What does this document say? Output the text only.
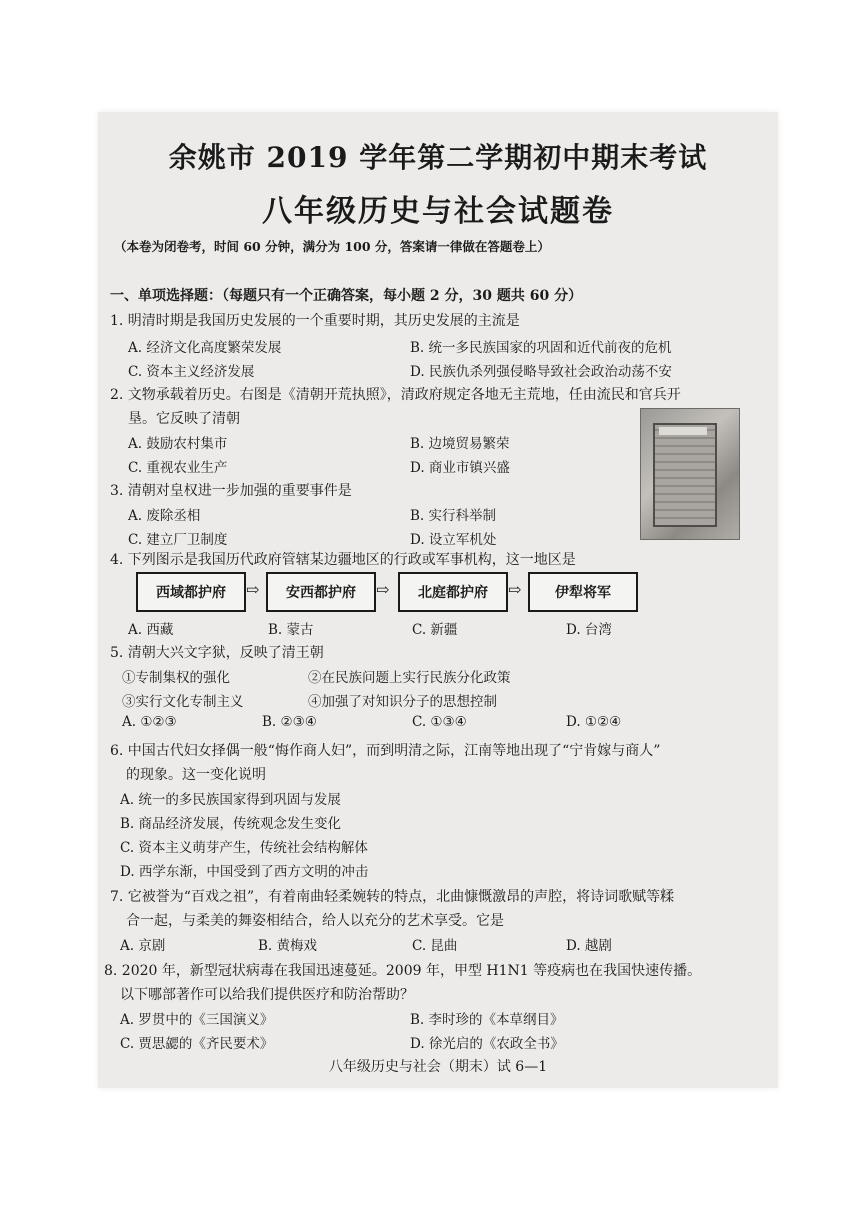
余姚市 2019 学年第二学期初中期末考试
八年级历史与社会试题卷
（本卷为闭卷考，时间 60 分钟，满分为 100 分，答案请一律做在答题卷上）
一、单项选择题：（每题只有一个正确答案，每小题 2 分，30 题共 60 分）
1. 明清时期是我国历史发展的一个重要时期，其历史发展的主流是
A. 经济文化高度繁荣发展	B. 统一多民族国家的巩固和近代前夜的危机
C. 资本主义经济发展	D. 民族仇杀列强侵略导致社会政治动荡不安
2. 文物承载着历史。右图是《清朝开荒执照》，清政府规定各地无主荒地，任由流民和官兵开
垦。它反映了清朝
A. 鼓励农村集市	B. 边境贸易繁荣
C. 重视农业生产	D. 商业市镇兴盛
3. 清朝对皇权进一步加强的重要事件是
A. 废除丞相	B. 实行科举制
C. 建立厂卫制度	D. 设立军机处
4. 下列图示是我国历代政府管辖某边疆地区的行政或军事机构，这一地区是
西域都护府	⇨	安西都护府	⇨	北庭都护府	⇨	伊犁将军
A. 西藏	B. 蒙古	C. 新疆	D. 台湾
5. 清朝大兴文字狱，反映了清王朝
①专制集权的强化	②在民族问题上实行民族分化政策
③实行文化专制主义	④加强了对知识分子的思想控制
A. ①②③	B. ②③④	C. ①③④	D. ①②④
6. 中国古代妇女择偶一般“悔作商人妇”，而到明清之际，江南等地出现了“宁肯嫁与商人”
的现象。这一变化说明
A. 统一的多民族国家得到巩固与发展
B. 商品经济发展，传统观念发生变化
C. 资本主义萌芽产生，传统社会结构解体
D. 西学东渐，中国受到了西方文明的冲击
7. 它被誉为“百戏之祖”，有着南曲轻柔婉转的特点，北曲慷慨激昂的声腔，将诗词歌赋等糅
合一起，与柔美的舞姿相结合，给人以充分的艺术享受。它是
A. 京剧	B. 黄梅戏	C. 昆曲	D. 越剧
8. 2020 年，新型冠状病毒在我国迅速蔓延。2009 年，甲型 H1N1 等疫病也在我国快速传播。
以下哪部著作可以给我们提供医疗和防治帮助？
A. 罗贯中的《三国演义》	B. 李时珍的《本草纲目》
C. 贾思勰的《齐民要术》	D. 徐光启的《农政全书》
八年级历史与社会（期末）试 6—1
